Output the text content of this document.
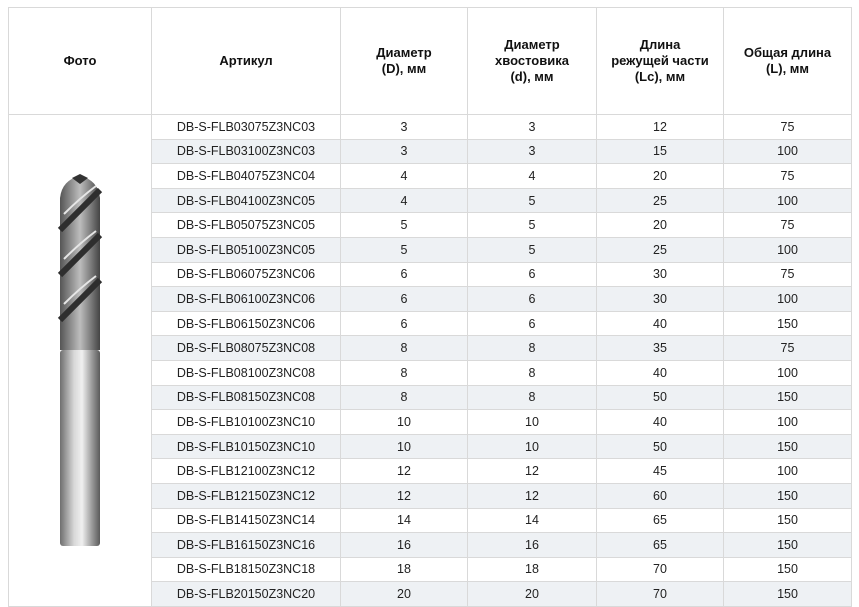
Фото	Артикул	Диаметр
(D), мм	Диаметр
хвостовика
(d), мм	Длина
режущей части
(Lc), мм	Общая длина
(L), мм

	DB-S-FLB03075Z3NC03	3	3	12	75
	DB-S-FLB03100Z3NC03	3	3	15	100
	DB-S-FLB04075Z3NC04	4	4	20	75
	DB-S-FLB04100Z3NC05	4	5	25	100
	DB-S-FLB05075Z3NC05	5	5	20	75
	DB-S-FLB05100Z3NC05	5	5	25	100
	DB-S-FLB06075Z3NC06	6	6	30	75
	DB-S-FLB06100Z3NC06	6	6	30	100
	DB-S-FLB06150Z3NC06	6	6	40	150
	DB-S-FLB08075Z3NC08	8	8	35	75
	DB-S-FLB08100Z3NC08	8	8	40	100
	DB-S-FLB08150Z3NC08	8	8	50	150
	DB-S-FLB10100Z3NC10	10	10	40	100
	DB-S-FLB10150Z3NC10	10	10	50	150
	DB-S-FLB12100Z3NC12	12	12	45	100
	DB-S-FLB12150Z3NC12	12	12	60	150
	DB-S-FLB14150Z3NC14	14	14	65	150
	DB-S-FLB16150Z3NC16	16	16	65	150
	DB-S-FLB18150Z3NC18	18	18	70	150
	DB-S-FLB20150Z3NC20	20	20	70	150
